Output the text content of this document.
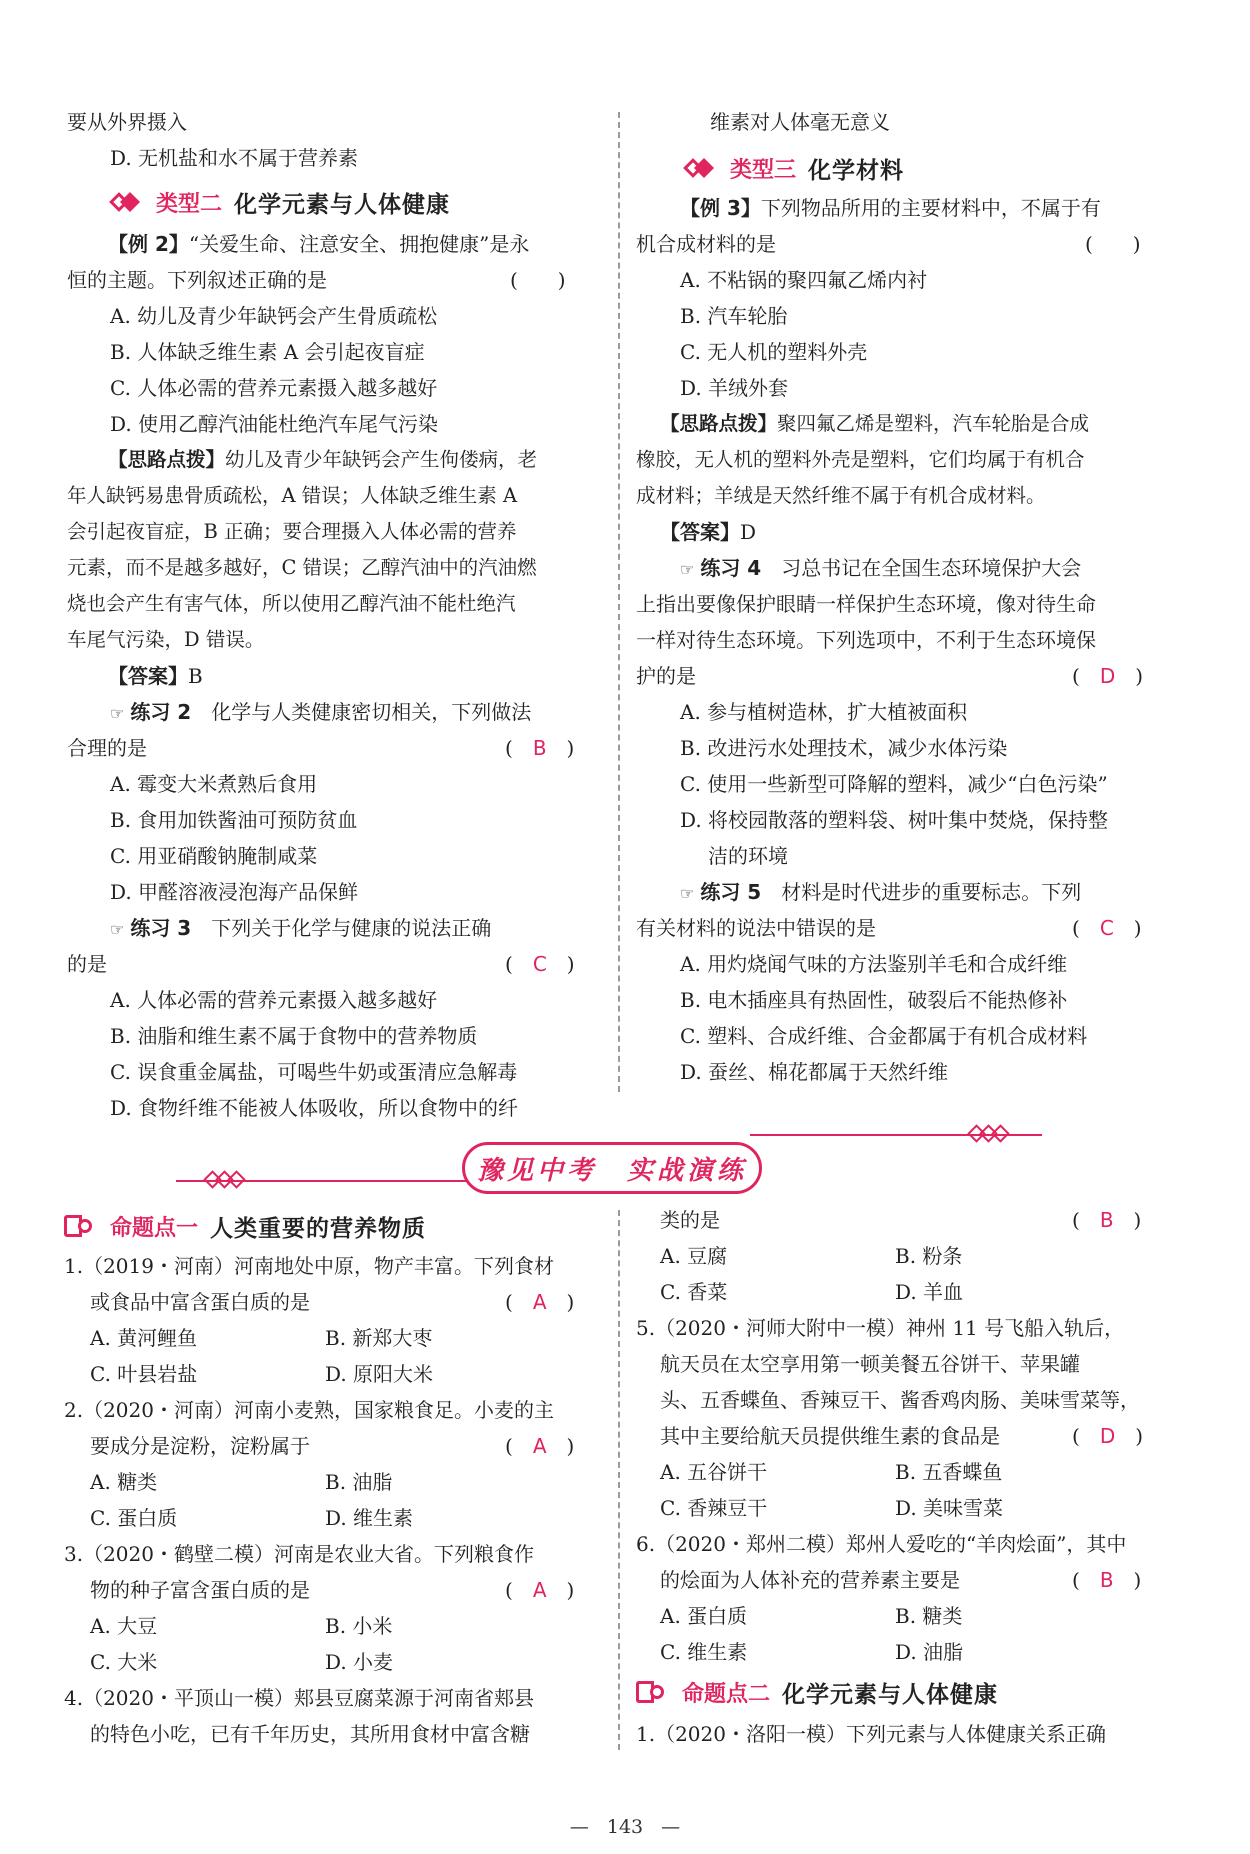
要从外界摄入
D. 无机盐和水不属于营养素
类型二 化学元素与人体健康
【例 2】“关爱生命、注意安全、拥抱健康”是永
恒的主题。下列叙述正确的是	(　　)
A. 幼儿及青少年缺钙会产生骨质疏松
B. 人体缺乏维生素 A 会引起夜盲症
C. 人体必需的营养元素摄入越多越好
D. 使用乙醇汽油能杜绝汽车尾气污染
【思路点拨】幼儿及青少年缺钙会产生佝偻病，老
年人缺钙易患骨质疏松，A 错误；人体缺乏维生素 A
会引起夜盲症，B 正确；要合理摄入人体必需的营养
元素，而不是越多越好，C 错误；乙醇汽油中的汽油燃
烧也会产生有害气体，所以使用乙醇汽油不能杜绝汽
车尾气污染，D 错误。
【答案】B
☞ 练习 2　 化学与人类健康密切相关，下列做法
合理的是	(　B　)
A. 霉变大米煮熟后食用
B. 食用加铁酱油可预防贫血
C. 用亚硝酸钠腌制咸菜
D. 甲醛溶液浸泡海产品保鲜
☞ 练习 3　 下列关于化学与健康的说法正确
的是	(　C　)
A. 人体必需的营养元素摄入越多越好
B. 油脂和维生素不属于食物中的营养物质
C. 误食重金属盐，可喝些牛奶或蛋清应急解毒
D. 食物纤维不能被人体吸收，所以食物中的纤
维素对人体毫无意义
类型三 化学材料
【例 3】下列物品所用的主要材料中，不属于有
机合成材料的是	(　　)
A. 不粘锅的聚四氟乙烯内衬
B. 汽车轮胎
C. 无人机的塑料外壳
D. 羊绒外套
【思路点拨】聚四氟乙烯是塑料，汽车轮胎是合成
橡胶，无人机的塑料外壳是塑料，它们均属于有机合
成材料；羊绒是天然纤维不属于有机合成材料。
【答案】D
☞ 练习 4　 习总书记在全国生态环境保护大会
上指出要像保护眼睛一样保护生态环境，像对待生命
一样对待生态环境。下列选项中，不利于生态环境保
护的是	(　D　)
A. 参与植树造林，扩大植被面积
B. 改进污水处理技术，减少水体污染
C. 使用一些新型可降解的塑料，减少“白色污染”
D. 将校园散落的塑料袋、树叶集中焚烧，保持整
洁的环境
☞ 练习 5　 材料是时代进步的重要标志。下列
有关材料的说法中错误的是	(　C　)
A. 用灼烧闻气味的方法鉴别羊毛和合成纤维
B. 电木插座具有热固性，破裂后不能热修补
C. 塑料、合成纤维、合金都属于有机合成材料
D. 蚕丝、棉花都属于天然纤维
豫见中考　实战演练
命题点一 人类重要的营养物质
1.（2019・河南）河南地处中原，物产丰富。下列食材
或食品中富含蛋白质的是	(　A　)
A. 黄河鲤鱼	B. 新郑大枣
C. 叶县岩盐	D. 原阳大米
2.（2020・河南）河南小麦熟，国家粮食足。小麦的主
要成分是淀粉，淀粉属于	(　A　)
A. 糖类	B. 油脂
C. 蛋白质	D. 维生素
3.（2020・鹤壁二模）河南是农业大省。下列粮食作
物的种子富含蛋白质的是	(　A　)
A. 大豆	B. 小米
C. 大米	D. 小麦
4.（2020・平顶山一模）郏县豆腐菜源于河南省郏县
的特色小吃，已有千年历史，其所用食材中富含糖
类的是	(　B　)
A. 豆腐	B. 粉条
C. 香菜	D. 羊血
5.（2020・河师大附中一模）神州 11 号飞船入轨后，
航天员在太空享用第一顿美餐五谷饼干、苹果罐
头、五香蝶鱼、香辣豆干、酱香鸡肉肠、美味雪菜等，
其中主要给航天员提供维生素的食品是	(　D　)
A. 五谷饼干	B. 五香蝶鱼
C. 香辣豆干	D. 美味雪菜
6.（2020・郑州二模）郑州人爱吃的“羊肉烩面”，其中
的烩面为人体补充的营养素主要是	(　B　)
A. 蛋白质	B. 糖类
C. 维生素	D. 油脂
命题点二 化学元素与人体健康
1.（2020・洛阳一模）下列元素与人体健康关系正确
— 143 —
